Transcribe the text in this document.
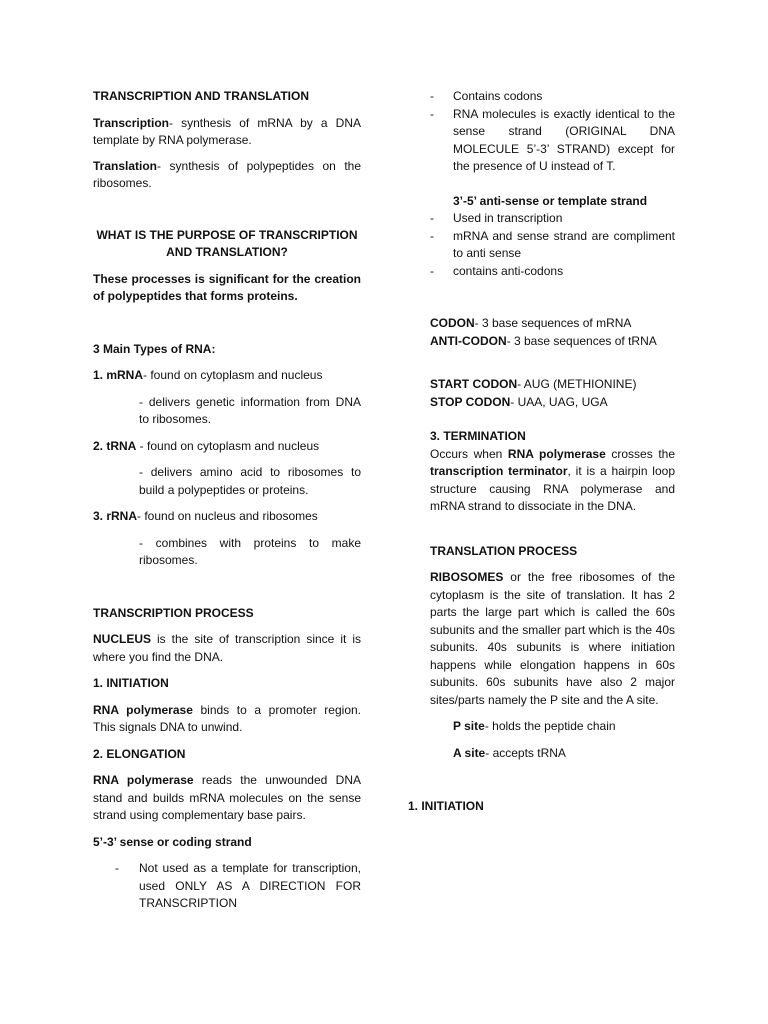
TRANSCRIPTION AND TRANSLATION

Transcription- synthesis of mRNA by a DNA template by RNA polymerase.

Translation- synthesis of polypeptides on the ribosomes.

WHAT IS THE PURPOSE OF TRANSCRIPTION AND TRANSLATION?

These processes is significant for the creation of polypeptides that forms proteins.

3 Main Types of RNA:

1. mRNA- found on cytoplasm and nucleus

- delivers genetic information from DNA to ribosomes.

2. tRNA - found on cytoplasm and nucleus

- delivers amino acid to ribosomes to build a polypeptides or proteins.

3. rRNA- found on nucleus and ribosomes

- combines with proteins to make ribosomes.

TRANSCRIPTION PROCESS

NUCLEUS is the site of transcription since it is where you find the DNA.

1. INITIATION

RNA polymerase binds to a promoter region. This signals DNA to unwind.

2. ELONGATION

RNA polymerase reads the unwounded DNA stand and builds mRNA molecules on the sense strand using complementary base pairs.

5’-3’ sense or coding strand

- Not used as a template for transcription, used ONLY AS A DIRECTION FOR TRANSCRIPTION
- Contains codons
- RNA molecules is exactly identical to the sense strand (ORIGINAL DNA MOLECULE 5’-3’ STRAND) except for the presence of U instead of T.

3’-5’ anti-sense or template strand

- Used in transcription
- mRNA and sense strand are compliment to anti sense
- contains anti-codons

CODON- 3 base sequences of mRNA

ANTI-CODON- 3 base sequences of tRNA

START CODON- AUG (METHIONINE)

STOP CODON- UAA, UAG, UGA

3. TERMINATION

Occurs when RNA polymerase crosses the transcription terminator, it is a hairpin loop structure causing RNA polymerase and mRNA strand to dissociate in the DNA.

TRANSLATION PROCESS

RIBOSOMES or the free ribosomes of the cytoplasm is the site of translation. It has 2 parts the large part which is called the 60s subunits and the smaller part which is the 40s subunits. 40s subunits is where initiation happens while elongation happens in 60s subunits. 60s subunits have also 2 major sites/parts namely the P site and the A site.

P site- holds the peptide chain

A site- accepts tRNA

1. INITIATION
